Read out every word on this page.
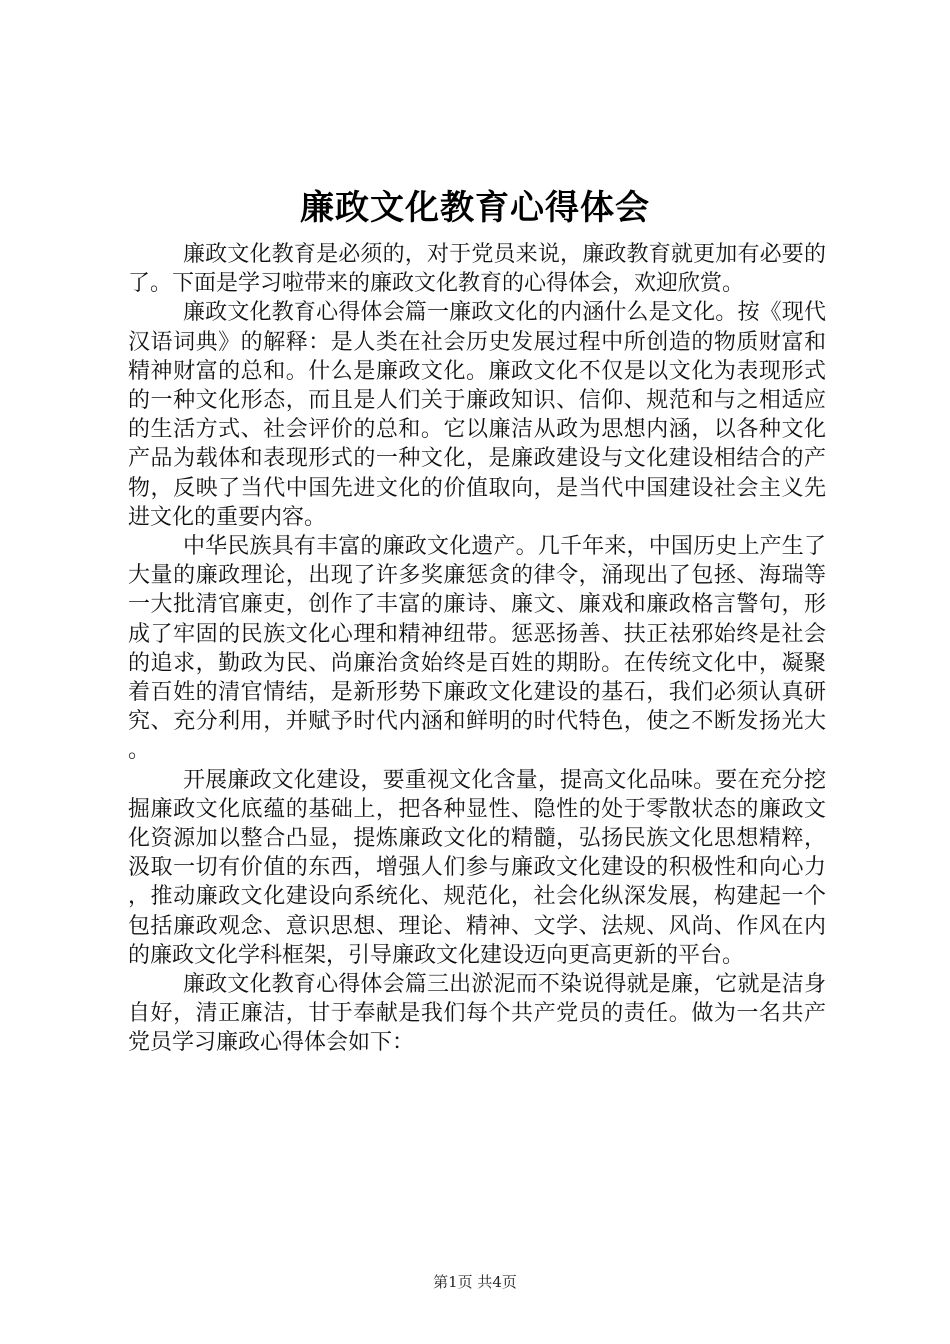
廉政文化教育心得体会

廉政文化教育是必须的，对于党员来说，廉政教育就更加有必要的了。下面是学习啦带来的廉政文化教育的心得体会，欢迎欣赏。

廉政文化教育心得体会篇一廉政文化的内涵什么是文化。按《现代汉语词典》的解释：是人类在社会历史发展过程中所创造的物质财富和精神财富的总和。什么是廉政文化。廉政文化不仅是以文化为表现形式的一种文化形态，而且是人们关于廉政知识、信仰、规范和与之相适应的生活方式、社会评价的总和。它以廉洁从政为思想内涵，以各种文化产品为载体和表现形式的一种文化，是廉政建设与文化建设相结合的产物，反映了当代中国先进文化的价值取向，是当代中国建设社会主义先进文化的重要内容。

中华民族具有丰富的廉政文化遗产。几千年来，中国历史上产生了大量的廉政理论，出现了许多奖廉惩贪的律令，涌现出了包拯、海瑞等一大批清官廉吏，创作了丰富的廉诗、廉文、廉戏和廉政格言警句，形成了牢固的民族文化心理和精神纽带。惩恶扬善、扶正祛邪始终是社会的追求，勤政为民、尚廉治贪始终是百姓的期盼。在传统文化中，凝聚着百姓的清官情结，是新形势下廉政文化建设的基石，我们必须认真研究、充分利用，并赋予时代内涵和鲜明的时代特色，使之不断发扬光大。

开展廉政文化建设，要重视文化含量，提高文化品味。要在充分挖掘廉政文化底蕴的基础上，把各种显性、隐性的处于零散状态的廉政文化资源加以整合凸显，提炼廉政文化的精髓，弘扬民族文化思想精粹，汲取一切有价值的东西，增强人们参与廉政文化建设的积极性和向心力，推动廉政文化建设向系统化、规范化，社会化纵深发展，构建起一个包括廉政观念、意识思想、理论、精神、文学、法规、风尚、作风在内的廉政文化学科框架，引导廉政文化建设迈向更高更新的平台。

廉政文化教育心得体会篇三出淤泥而不染说得就是廉，它就是洁身自好，清正廉洁，甘于奉献是我们每个共产党员的责任。做为一名共产党员学习廉政心得体会如下：

第1页 共4页
